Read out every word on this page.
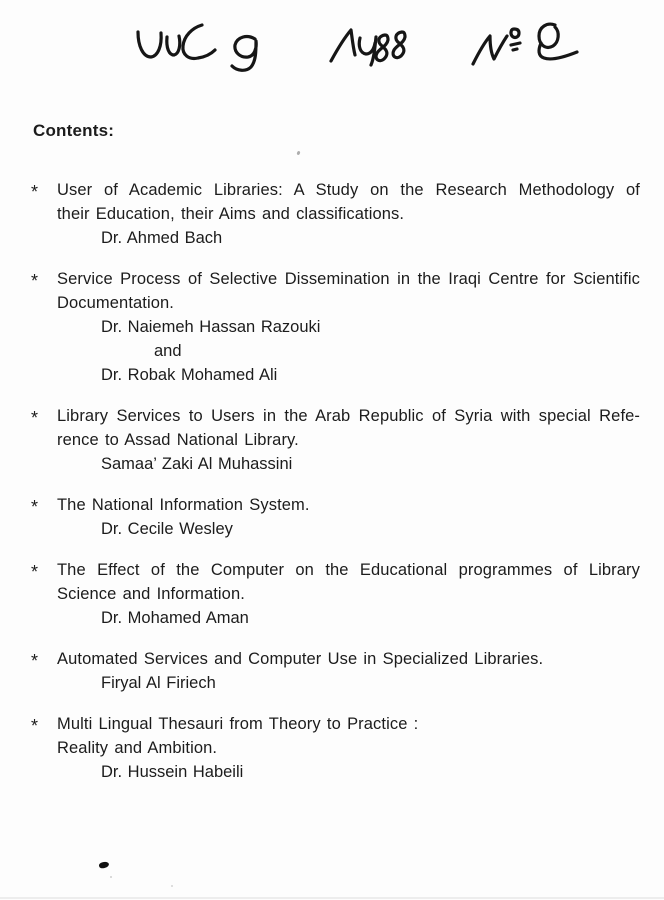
Contents:
* User of Academic Libraries: A Study on the Research Methodology of
their Education, their Aims and classifications.
Dr. Ahmed Bach
* Service Process of Selective Dissemination in the Iraqi Centre for Scientific
Documentation.
Dr. Naiemeh Hassan Razouki
and
Dr. Robak Mohamed Ali
* Library Services to Users in the Arab Republic of Syria with special Refe-
rence to Assad National Library.
Samaa’ Zaki Al Muhassini
* The National Information System.
Dr. Cecile Wesley
* The Effect of the Computer on the Educational programmes of Library
Science and Information.
Dr. Mohamed Aman
* Automated Services and Computer Use in Specialized Libraries.
Firyal Al Firiech
* Multi Lingual Thesauri from Theory to Practice :
Reality and Ambition.
Dr. Hussein Habeili
